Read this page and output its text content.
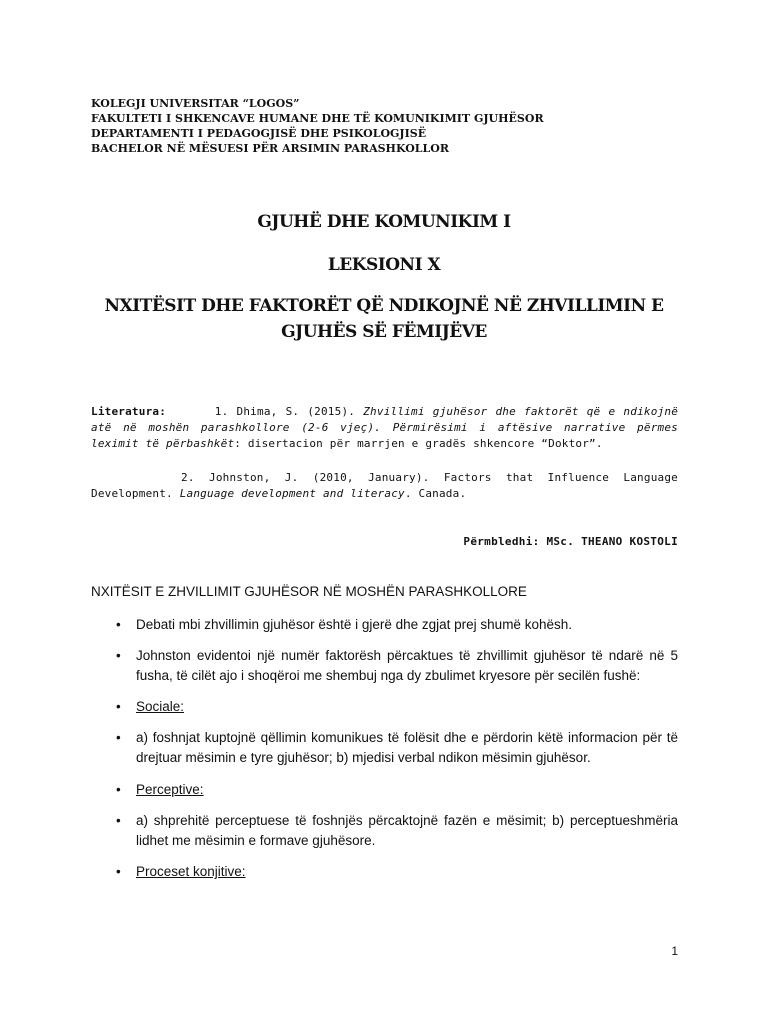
KOLEGJI UNIVERSITAR “LOGOS”
FAKULTETI I SHKENCAVE HUMANE DHE TË KOMUNIKIMIT GJUHËSOR
DEPARTAMENTI I PEDAGOGJISË DHE PSIKOLOGJISË
BACHELOR NË MËSUESI PËR ARSIMIN PARASHKOLLOR
GJUHË DHE KOMUNIKIM I
LEKSIONI X
NXITËSIT DHE FAKTORËT QË NDIKOJNË NË ZHVILLIMIN E
GJUHËS SË FËMIJËVE
Literatura:	1. Dhima, S. (2015). Zhvillimi gjuhësor dhe faktorët që e ndikojnë atë në moshën parashkollore (2-6 vjeç). Përmirësimi i aftësive narrative përmes leximit të përbashkët: disertacion për marrjen e gradës shkencore “Doktor”.
2. Johnston, J. (2010, January). Factors that Influence Language Development. Language development and literacy. Canada.
Përmbledhi: MSc. THEANO KOSTOLI
NXITËSIT E ZHVILLIMIT GJUHËSOR NË MOSHËN PARASHKOLLORE
• Debati mbi zhvillimin gjuhësor është i gjerë dhe zgjat prej shumë kohësh.
• Johnston evidentoi një numër faktorësh përcaktues të zhvillimit gjuhësor të ndarë në 5 fusha, të cilët ajo i shoqëroi me shembuj nga dy zbulimet kryesore për secilën fushë:
• Sociale:
• a) foshnjat kuptojnë qëllimin komunikues të folësit dhe e përdorin këtë informacion për të drejtuar mësimin e tyre gjuhësor; b) mjedisi verbal ndikon mësimin gjuhësor.
• Perceptive:
• a) shprehitë perceptuese të foshnjës përcaktojnë fazën e mësimit; b) perceptueshmëria lidhet me mësimin e formave gjuhësore.
• Proceset konjitive:
1
